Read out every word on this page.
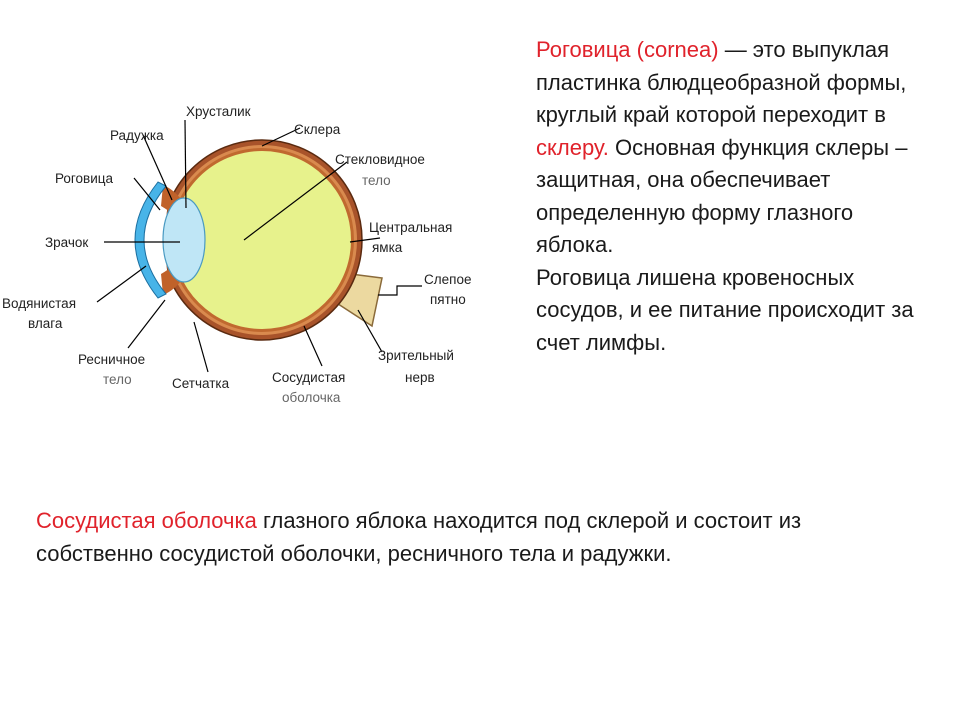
Хрусталик
Склера
Радужка
Стекловидное
тело
Роговица
Центральная
ямка
Зрачок
Слепое
пятно
Водянистая
влага
Ресничное
тело	Сетчатка	Сосудистая
оболочка
Зрительный
нерв

Роговица (cornea) — это выпуклая пластинка блюдцеобразной формы, круглый край которой переходит в склеру. Основная функция склеры – защитная, она обеспечивает определенную форму глазного яблока.
Роговица лишена кровеносных сосудов, и ее питание происходит за счет лимфы.

Сосудистая оболочка глазного яблока находится под склерой и состоит из собственно сосудистой оболочки, ресничного тела и радужки.
